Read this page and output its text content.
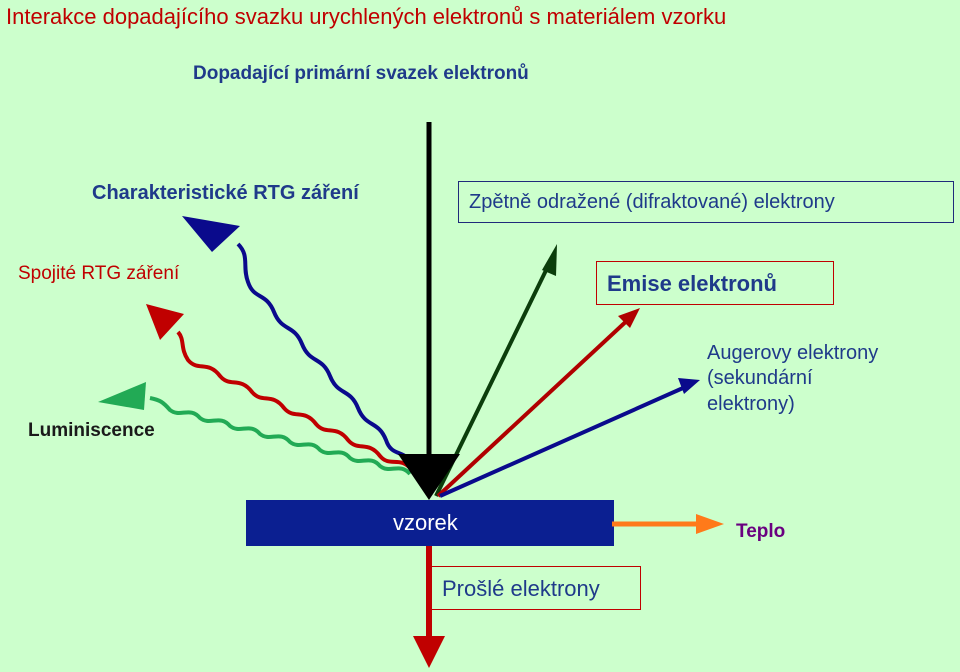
Interakce dopadajícího svazku urychlených elektronů s materiálem vzorku
Dopadající primární svazek elektronů
Charakteristické RTG záření	Zpětně odražené (difraktované) elektrony
Spojité RTG záření	Emise elektronů
Augerovy elektrony
(sekundární
elektrony)
Luminiscence
vzorek	Teplo
Prošlé elektrony
